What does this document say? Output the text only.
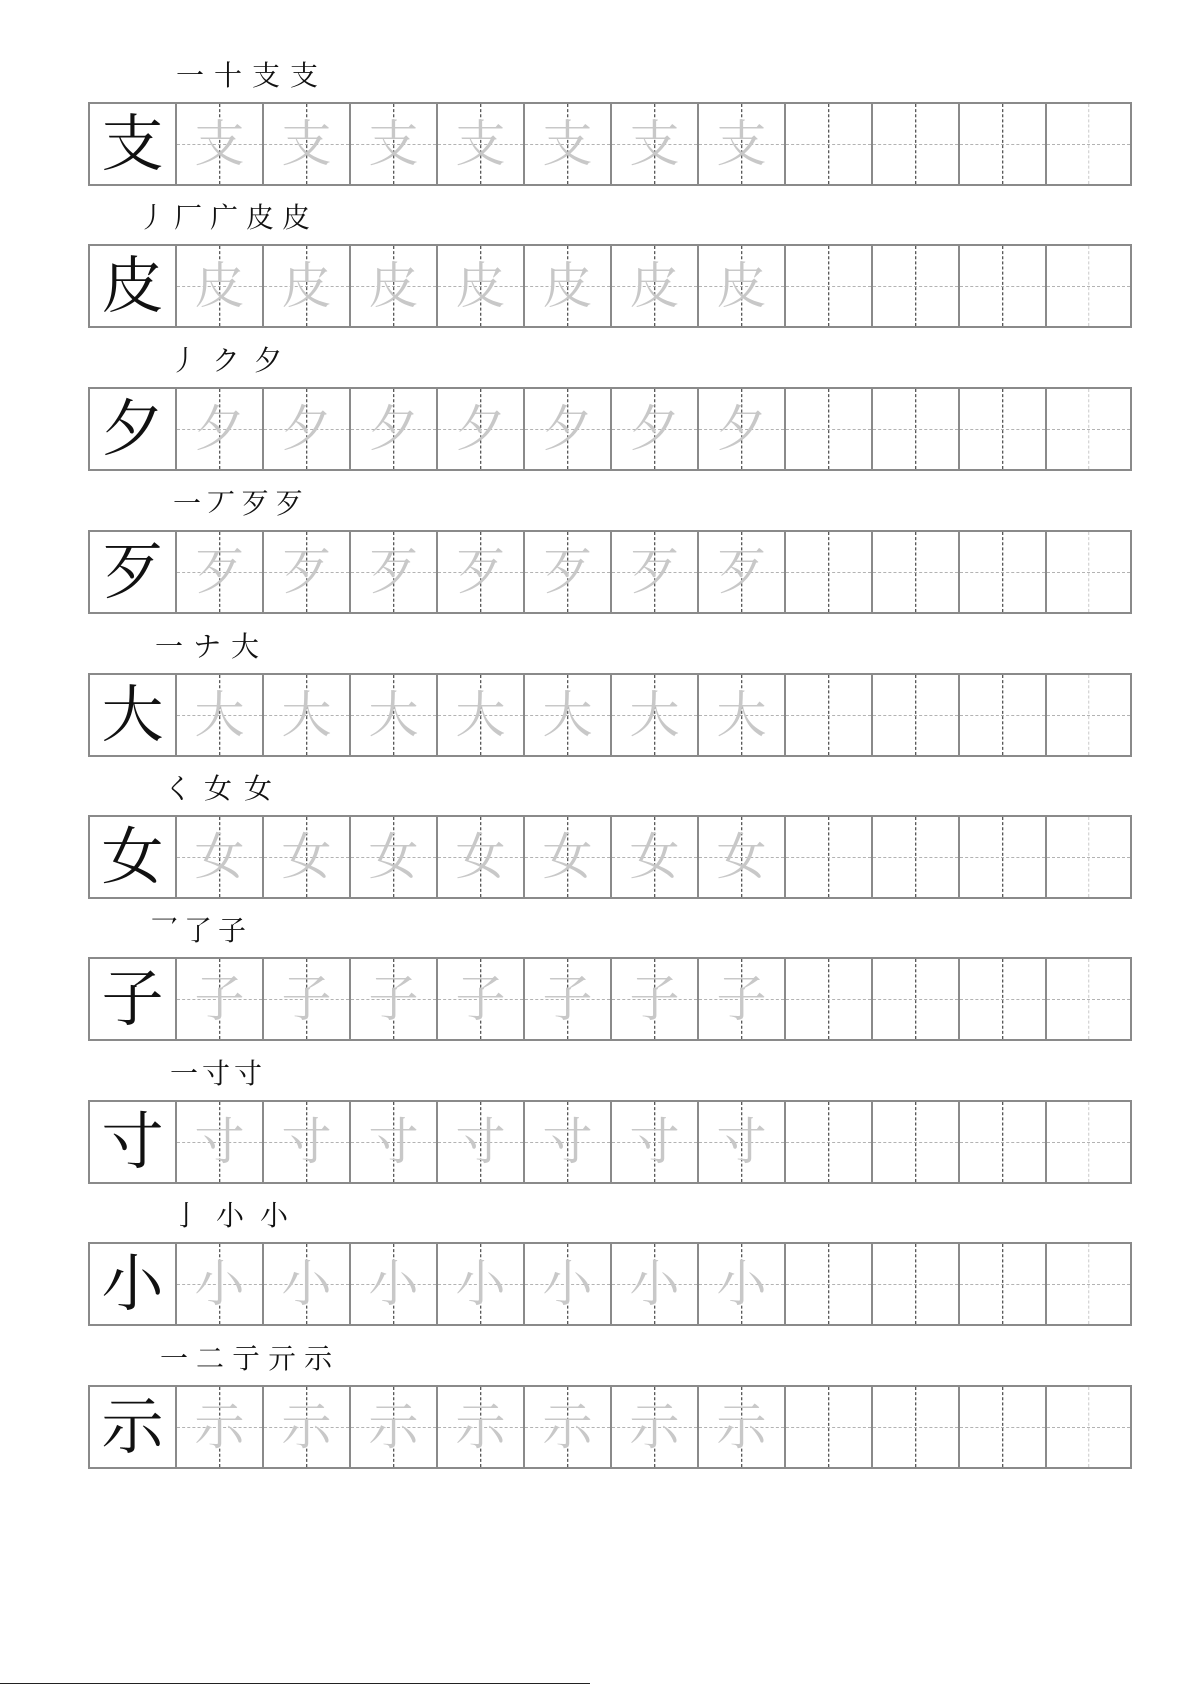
一 十 支 支
支 支 支 支 支 支 支 支
丿 厂 广 皮 皮
皮 皮 皮 皮 皮 皮 皮 皮
丿 ク 夕
夕 夕 夕 夕 夕 夕 夕 夕
一 丆 歹 歹
歹 歹 歹 歹 歹 歹 歹 歹
一 ナ 大
大 大 大 大 大 大 大 大
く 女 女
女 女 女 女 女 女 女 女
乛 了 子
子 子 子 子 子 子 子 子
一 寸 寸
寸 寸 寸 寸 寸 寸 寸 寸
亅 小 小
小 小 小 小 小 小 小 小
一 二 亍 亓 示
示 示 示 示 示 示 示 示
